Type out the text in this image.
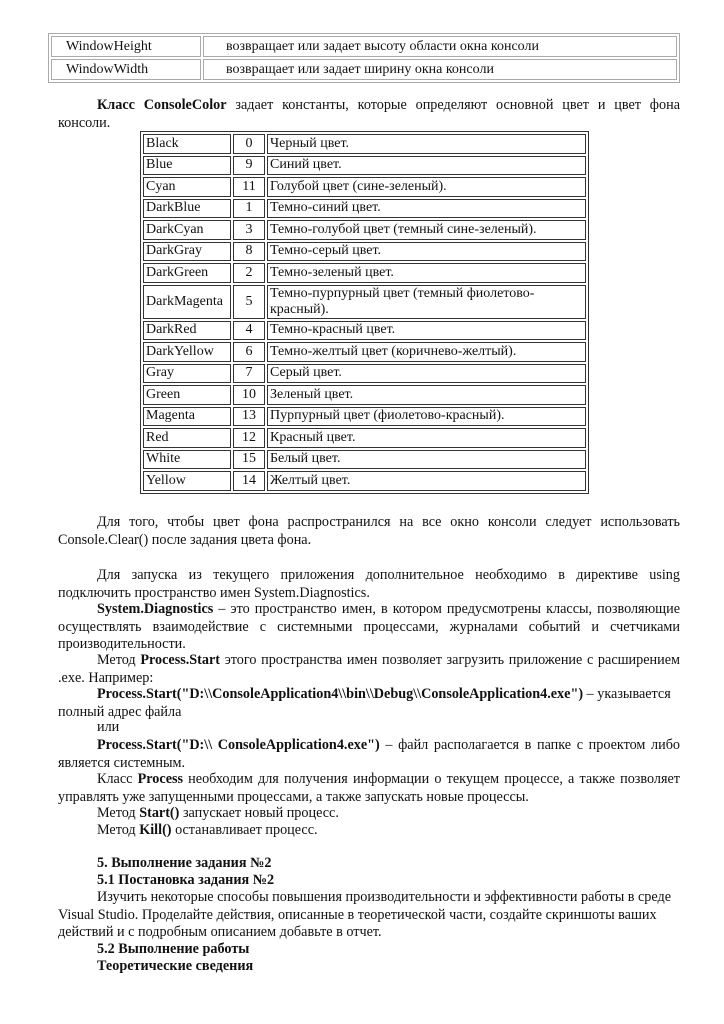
WindowHeight	возвращает или задает высоту области окна консоли
WindowWidth	возвращает или задает ширину окна консоли
Класс ConsoleColor задает константы, которые определяют основной цвет и цвет фона консоли.
Black	0	Черный цвет.
Blue	9	Синий цвет.
Cyan	11	Голубой цвет (сине-зеленый).
DarkBlue	1	Темно-синий цвет.
DarkCyan	3	Темно-голубой цвет (темный сине-зеленый).
DarkGray	8	Темно-серый цвет.
DarkGreen	2	Темно-зеленый цвет.
DarkMagenta	5	Темно-пурпурный цвет (темный фиолетово-красный).
DarkRed	4	Темно-красный цвет.
DarkYellow	6	Темно-желтый цвет (коричнево-желтый).
Gray	7	Серый цвет.
Green	10	Зеленый цвет.
Magenta	13	Пурпурный цвет (фиолетово-красный).
Red	12	Красный цвет.
White	15	Белый цвет.
Yellow	14	Желтый цвет.
Для того, чтобы цвет фона распространился на все окно консоли следует использовать Console.Clear() после задания цвета фона.
Для запуска из текущего приложения дополнительное необходимо в директиве using подключить пространство имен System.Diagnostics.
System.Diagnostics – это пространство имен, в котором предусмотрены классы, позволяющие осуществлять взаимодействие с системными процессами, журналами событий и счетчиками производительности.
Метод Process.Start этого пространства имен позволяет загрузить приложение с расширением .exe. Например:
Process.Start("D:\\ConsoleApplication4\\bin\\Debug\\ConsoleApplication4.exe") – указывается полный адрес файла
или
Process.Start("D:\\ ConsoleApplication4.exe") – файл располагается в папке с проектом либо является системным.
Класс Process необходим для получения информации о текущем процессе, а также позволяет управлять уже запущенными процессами, а также запускать новые процессы.
Метод Start() запускает новый процесс.
Метод Kill() останавливает процесс.
5. Выполнение задания №2
5.1 Постановка задания №2
Изучить некоторые способы повышения производительности и эффективности работы в среде Visual Studio. Проделайте действия, описанные в теоретической части, создайте скриншоты ваших действий и с подробным описанием добавьте в отчет.
5.2 Выполнение работы
Теоретические сведения
